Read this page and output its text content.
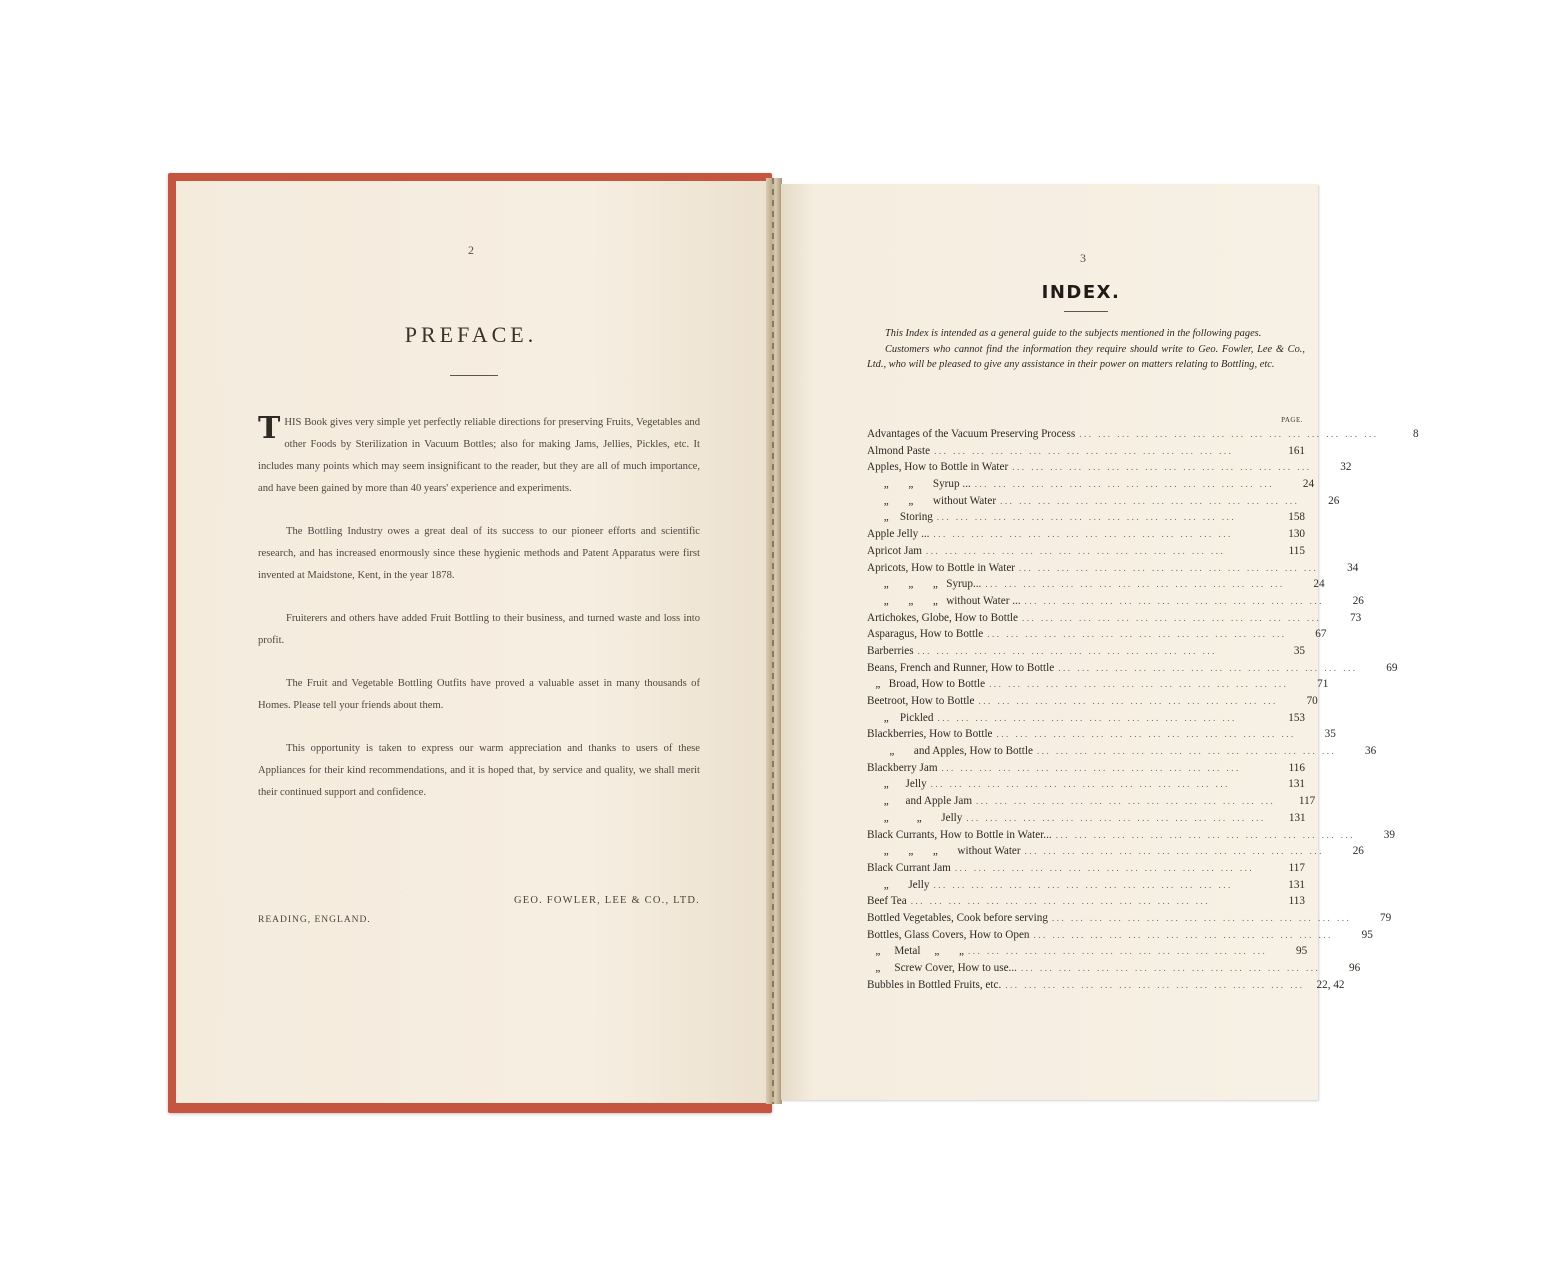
2
PREFACE.

THIS Book gives very simple yet perfectly reliable directions for preserving Fruits, Vegetables and other Foods by Sterilization in Vacuum Bottles; also for making Jams, Jellies, Pickles, etc. It includes many points which may seem insignificant to the reader, but they are all of much importance, and have been gained by more than 40 years' experience and experiments.

The Bottling Industry owes a great deal of its success to our pioneer efforts and scientific research, and has increased enormously since these hygienic methods and Patent Apparatus were first invented at Maidstone, Kent, in the year 1878.

Fruiterers and others have added Fruit Bottling to their business, and turned waste and loss into profit.

The Fruit and Vegetable Bottling Outfits have proved a valuable asset in many thousands of Homes. Please tell your friends about them.

This opportunity is taken to express our warm appreciation and thanks to users of these Appliances for their kind recommendations, and it is hoped that, by service and quality, we shall merit their continued support and confidence.

GEO. FOWLER, LEE & CO., LTD.
READING, ENGLAND.
3
INDEX.

This Index is intended as a general guide to the subjects mentioned in the following pages.

Customers who cannot find the information they require should write to Geo. Fowler, Lee & Co., Ltd., who will be pleased to give any assistance in their power on matters relating to Bottling, etc.

PAGE.
Advantages of the Vacuum Preserving Process ... ... ... ... ... ... ... ... ... ... ... ... ... ... ... ...	8
Almond Paste ... ... ... ... ... ... ... ... ... ... ... ... ... ... ... ...	161
Apples, How to Bottle in Water ... ... ... ... ... ... ... ... ... ... ... ... ... ... ... ...	32
„       „       Syrup ... ... ... ... ... ... ... ... ... ... ... ... ... ... ... ... ...	24
„       „       without Water ... ... ... ... ... ... ... ... ... ... ... ... ... ... ... ...	26
„    Storing ... ... ... ... ... ... ... ... ... ... ... ... ... ... ... ...	158
Apple Jelly ... ... ... ... ... ... ... ... ... ... ... ... ... ... ... ... ...	130
Apricot Jam ... ... ... ... ... ... ... ... ... ... ... ... ... ... ... ...	115
Apricots, How to Bottle in Water ... ... ... ... ... ... ... ... ... ... ... ... ... ... ... ...	34
„       „       „   Syrup... ... ... ... ... ... ... ... ... ... ... ... ... ... ... ... ...	24
„       „       „   without Water ... ... ... ... ... ... ... ... ... ... ... ... ... ... ... ... ...	26
Artichokes, Globe, How to Bottle ... ... ... ... ... ... ... ... ... ... ... ... ... ... ... ...	73
Asparagus, How to Bottle ... ... ... ... ... ... ... ... ... ... ... ... ... ... ... ...	67
Barberries ... ... ... ... ... ... ... ... ... ... ... ... ... ... ... ...	35
Beans, French and Runner, How to Bottle ... ... ... ... ... ... ... ... ... ... ... ... ... ... ... ...	69
„   Broad, How to Bottle ... ... ... ... ... ... ... ... ... ... ... ... ... ... ... ...	71
Beetroot, How to Bottle ... ... ... ... ... ... ... ... ... ... ... ... ... ... ... ...	70
„    Pickled ... ... ... ... ... ... ... ... ... ... ... ... ... ... ... ...	153
Blackberries, How to Bottle ... ... ... ... ... ... ... ... ... ... ... ... ... ... ... ...	35
„       and Apples, How to Bottle ... ... ... ... ... ... ... ... ... ... ... ... ... ... ... ...	36
Blackberry Jam ... ... ... ... ... ... ... ... ... ... ... ... ... ... ... ...	116
„      Jelly ... ... ... ... ... ... ... ... ... ... ... ... ... ... ... ...	131
„      and Apple Jam ... ... ... ... ... ... ... ... ... ... ... ... ... ... ... ...	117
„          „       Jelly ... ... ... ... ... ... ... ... ... ... ... ... ... ... ... ...	131
Black Currants, How to Bottle in Water... ... ... ... ... ... ... ... ... ... ... ... ... ... ... ... ...	39
„       „       „       without Water ... ... ... ... ... ... ... ... ... ... ... ... ... ... ... ...	26
Black Currant Jam ... ... ... ... ... ... ... ... ... ... ... ... ... ... ... ...	117
„       Jelly ... ... ... ... ... ... ... ... ... ... ... ... ... ... ... ...	131
Beef Tea ... ... ... ... ... ... ... ... ... ... ... ... ... ... ... ...	113
Bottled Vegetables, Cook before serving ... ... ... ... ... ... ... ... ... ... ... ... ... ... ... ...	79
Bottles, Glass Covers, How to Open ... ... ... ... ... ... ... ... ... ... ... ... ... ... ... ...	95
„     Metal     „       „ ... ... ... ... ... ... ... ... ... ... ... ... ... ... ... ...	95
„     Screw Cover, How to use... ... ... ... ... ... ... ... ... ... ... ... ... ... ... ... ...	96
Bubbles in Bottled Fruits, etc. ... ... ... ... ... ... ... ... ... ... ... ... ... ... ... ...	22, 42
